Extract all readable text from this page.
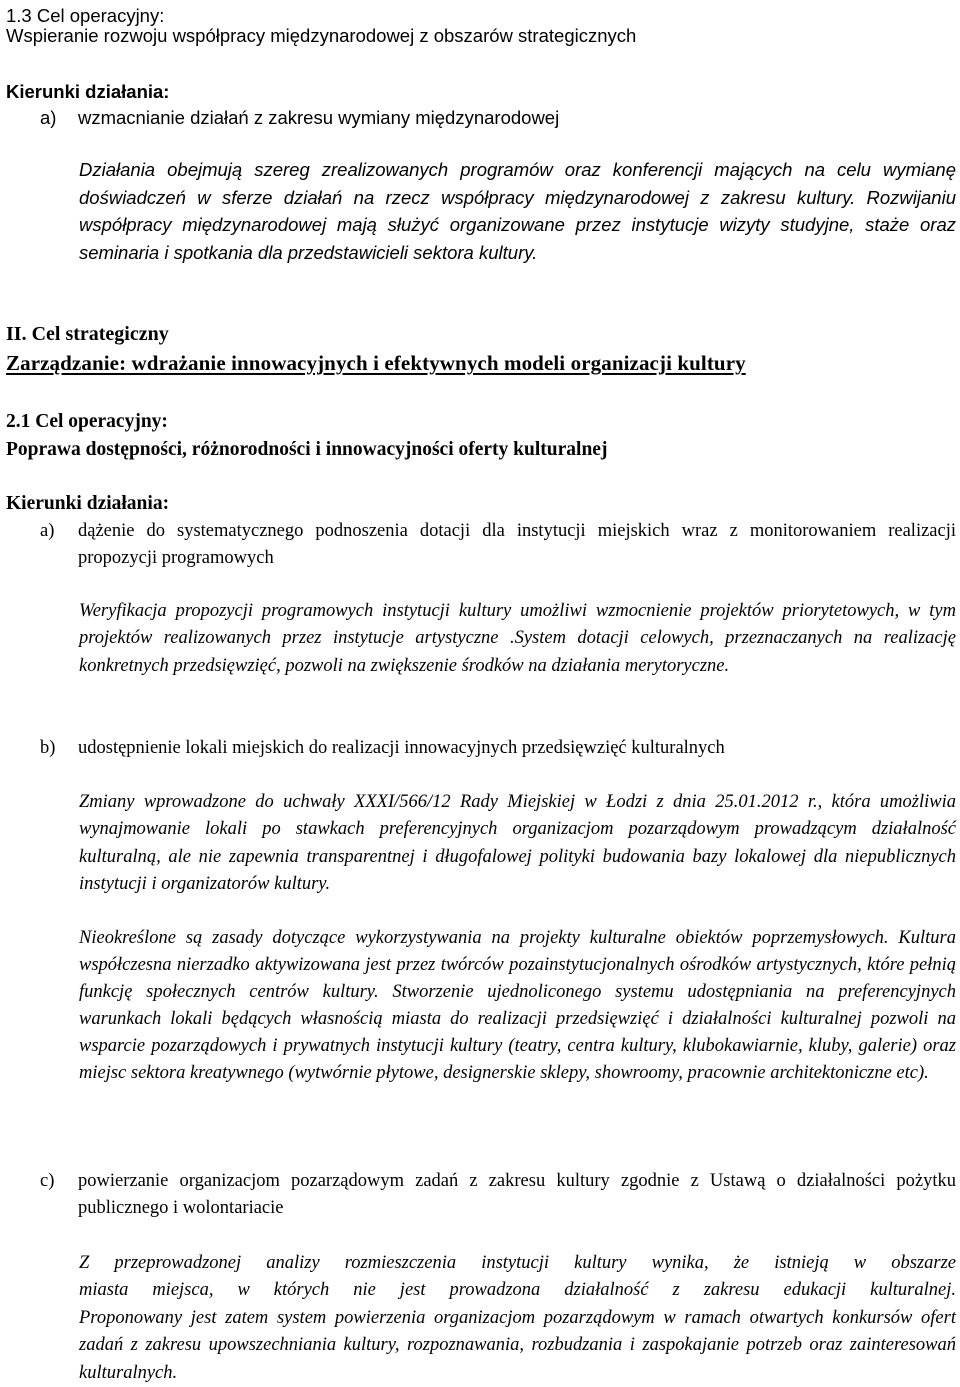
1.3 Cel operacyjny:
Wspieranie rozwoju współpracy międzynarodowej z obszarów strategicznych
Kierunki działania:
a) wzmacnianie działań z zakresu wymiany międzynarodowej
Działania obejmują szereg zrealizowanych programów oraz konferencji mających na celu wymianę doświadczeń w sferze działań na rzecz współpracy międzynarodowej z zakresu kultury. Rozwijaniu współpracy międzynarodowej mają służyć organizowane przez instytucje wizyty studyjne, staże oraz seminaria i spotkania dla przedstawicieli sektora kultury.
II. Cel strategiczny
Zarządzanie: wdrażanie innowacyjnych i efektywnych modeli organizacji kultury
2.1 Cel operacyjny:
Poprawa dostępności, różnorodności i innowacyjności oferty kulturalnej
Kierunki działania:
a) dążenie do systematycznego podnoszenia dotacji dla instytucji miejskich wraz z monitorowaniem realizacji propozycji programowych
Weryfikacja propozycji programowych instytucji kultury umożliwi wzmocnienie projektów priorytetowych, w tym projektów realizowanych przez instytucje artystyczne .System dotacji celowych, przeznaczanych na realizację konkretnych przedsięwzięć, pozwoli na zwiększenie środków na działania merytoryczne.
b) udostępnienie lokali miejskich do realizacji innowacyjnych przedsięwzięć kulturalnych
Zmiany wprowadzone do uchwały XXXI/566/12 Rady Miejskiej w Łodzi z dnia 25.01.2012 r., która umożliwia wynajmowanie lokali po stawkach preferencyjnych organizacjom pozarządowym prowadzącym działalność kulturalną, ale nie zapewnia transparentnej i długofalowej polityki budowania bazy lokalowej dla niepublicznych instytucji i organizatorów kultury.
Nieokreślone są zasady dotyczące wykorzystywania na projekty kulturalne obiektów poprzemysłowych. Kultura współczesna nierzadko aktywizowana jest przez twórców pozainstytucjonalnych ośrodków artystycznych, które pełnią funkcję społecznych centrów kultury. Stworzenie ujednoliconego systemu udostępniania na preferencyjnych warunkach lokali będących własnością miasta do realizacji przedsięwzięć i działalności kulturalnej pozwoli na wsparcie pozarządowych i prywatnych instytucji kultury (teatry, centra kultury, klubokawiarnie, kluby, galerie) oraz miejsc sektora kreatywnego (wytwórnie płytowe, designerskie sklepy, showroomy, pracownie architektoniczne etc).
c) powierzanie organizacjom pozarządowym zadań z zakresu kultury zgodnie z Ustawą o działalności pożytku publicznego i wolontariacie

Z przeprowadzonej analizy rozmieszczenia instytucji kultury wynika, że istnieją w obszarze

miasta miejsca, w których nie jest prowadzona działalność z zakresu edukacji kulturalnej.

Proponowany jest zatem system powierzenia organizacjom pozarządowym w ramach otwartych konkursów ofert zadań z zakresu upowszechniania kultury, rozpoznawania, rozbudzania i zaspokajanie potrzeb oraz zainteresowań kulturalnych.
